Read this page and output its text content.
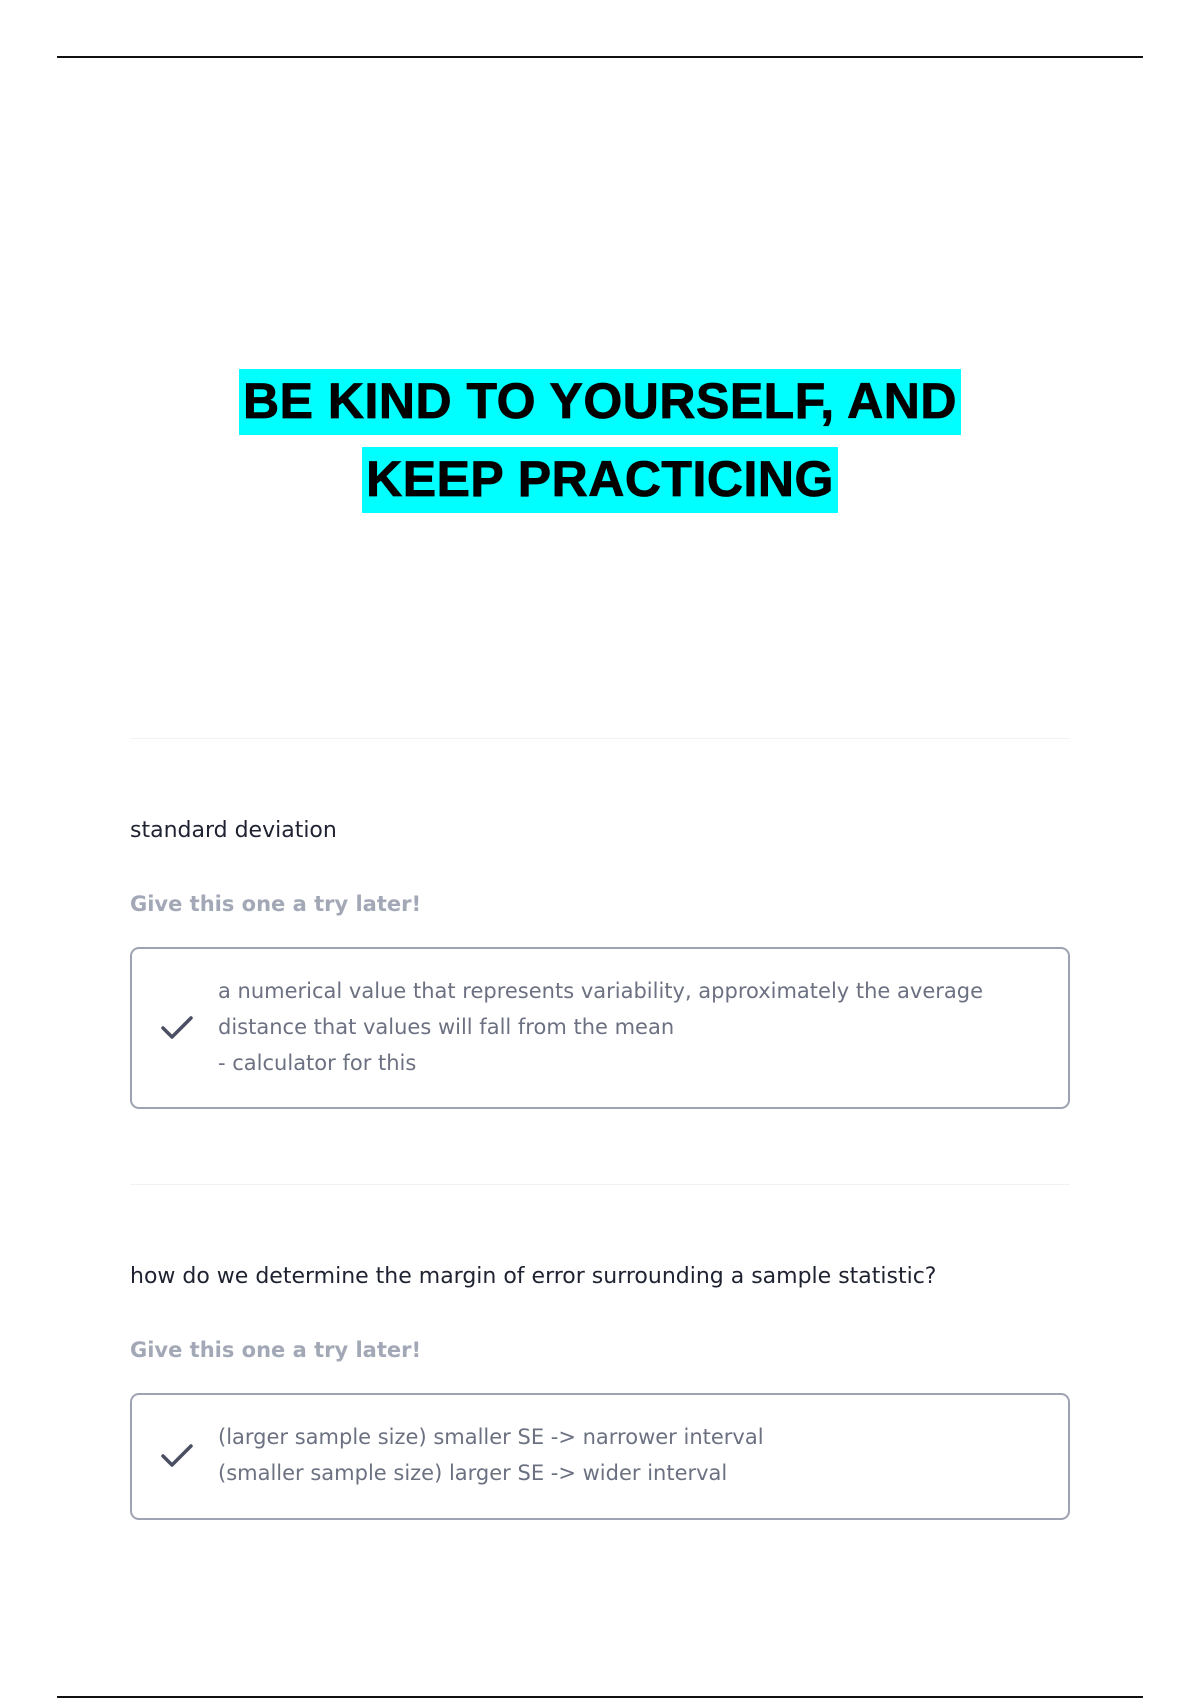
BE KIND TO YOURSELF, AND
KEEP PRACTICING
standard deviation
Give this one a try later!
a numerical value that represents variability, approximately the average
distance that values will fall from the mean
- calculator for this
how do we determine the margin of error surrounding a sample statistic?
Give this one a try later!
(larger sample size) smaller SE -> narrower interval
(smaller sample size) larger SE -> wider interval
